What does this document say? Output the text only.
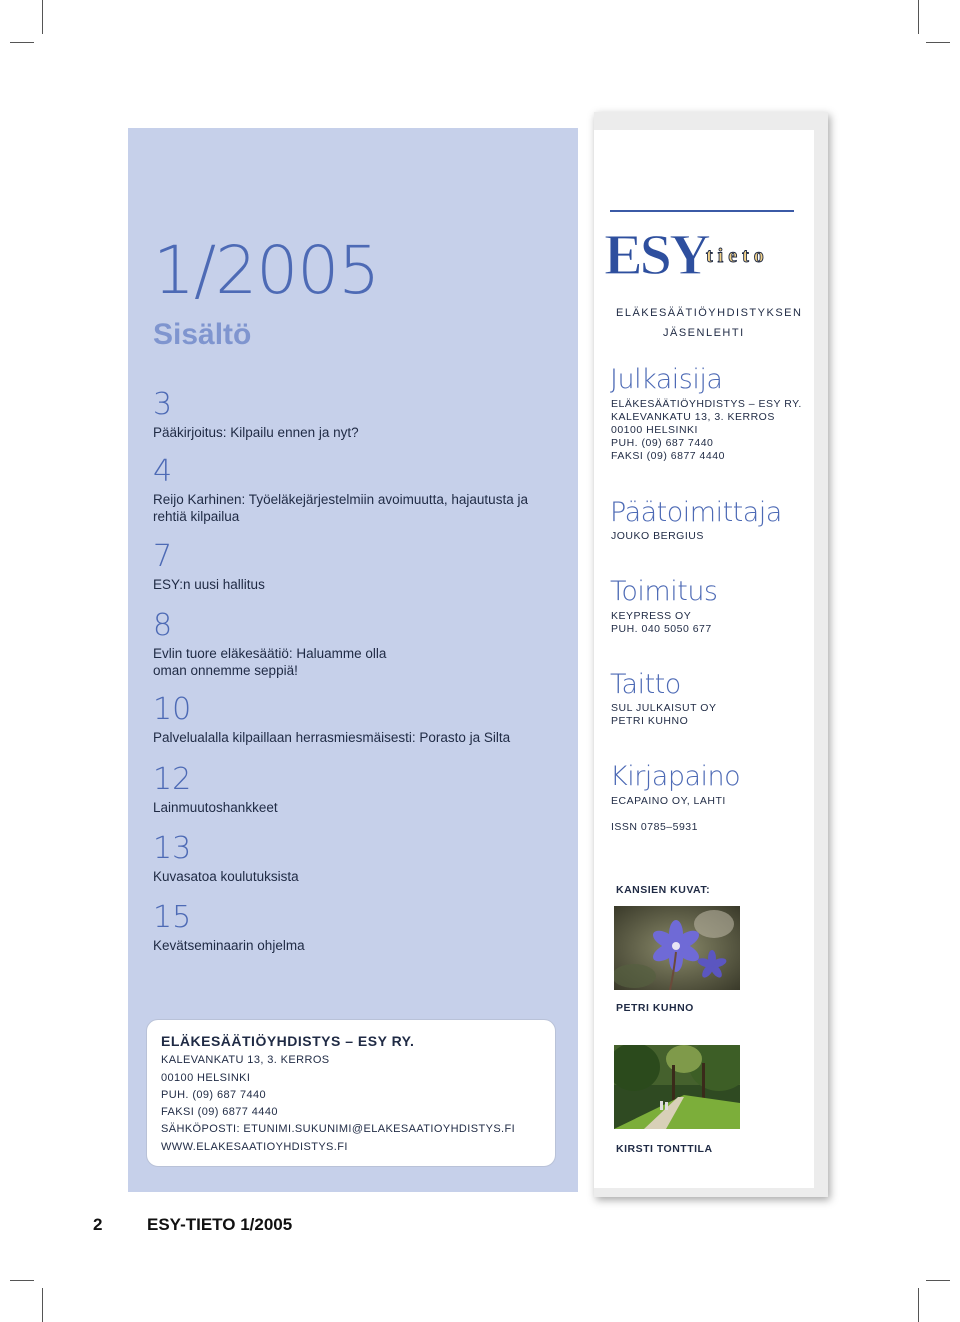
1/2005
Sisältö
3
Pääkirjoitus: Kilpailu ennen ja nyt?
4
Reijo Karhinen: Työeläkejärjestelmiin avoimuutta, hajautusta ja rehtiä kilpailua
7
ESY:n uusi hallitus
8
Evlin tuore eläkesäätiö: Haluamme olla oman onnemme seppiä!
10
Palvelualalla kilpaillaan herrasmiesmäisesti: Porasto ja Silta
12
Lainmuutoshankkeet
13
Kuvasatoa koulutuksista
15
Kevätseminaarin ohjelma
ELÄKESÄÄTIÖYHDISTYS – ESY RY.
KALEVANKATU 13, 3. KERROS
00100 HELSINKI
PUH. (09) 687 7440
FAKSI (09) 6877 4440
SÄHKÖPOSTI: ETUNIMI.SUKUNIMI@ELAKESAATIOYHDISTYS.FI
WWW.ELAKESAATIOYHDISTYS.FI
ESY
tieto
ELÄKESÄÄTIÖYHDISTYKSEN
JÄSENLEHTI
Julkaisija
ELÄKESÄÄTIÖYHDISTYS – ESY RY.
KALEVANKATU 13, 3. KERROS
00100 HELSINKI
PUH. (09) 687 7440
FAKSI (09) 6877 4440
Päätoimittaja
JOUKO BERGIUS
Toimitus
KEYPRESS OY
PUH. 040 5050 677
Taitto
SUL JULKAISUT OY
PETRI KUHNO
Kirjapaino
ECAPAINO OY, LAHTI
ISSN 0785–5931
KANSIEN KUVAT:
PETRI KUHNO
KIRSTI TONTTILA
2	ESY-TIETO 1/2005
